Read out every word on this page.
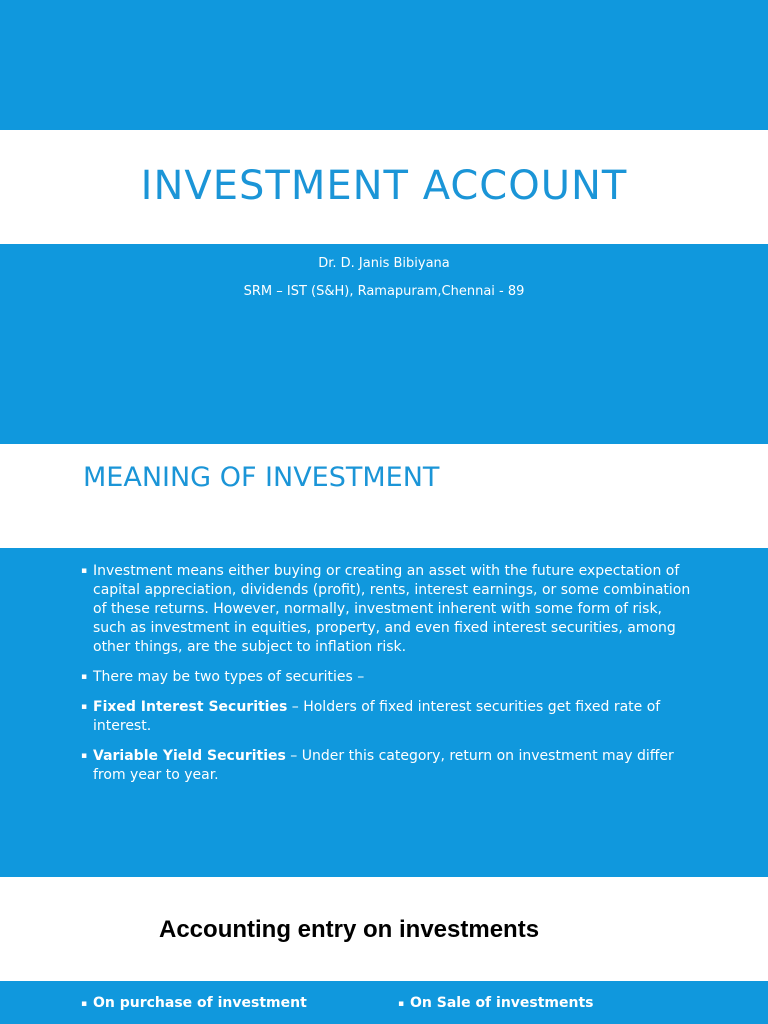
INVESTMENT ACCOUNT
Dr. D. Janis Bibiyana
SRM – IST (S&H), Ramapuram,Chennai - 89
MEANING OF INVESTMENT
▪ Investment means either buying or creating an asset with the future expectation of capital appreciation, dividends (profit), rents, interest earnings, or some combination of these returns. However, normally, investment inherent with some form of risk, such as investment in equities, property, and even fixed interest securities, among other things, are the subject to inflation risk.
▪ There may be two types of securities –
▪ Fixed Interest Securities – Holders of fixed interest securities get fixed rate of interest.
▪ Variable Yield Securities – Under this category, return on investment may differ from year to year.
Accounting entry on investments
▪ On purchase of investment	▪ On Sale of investments
